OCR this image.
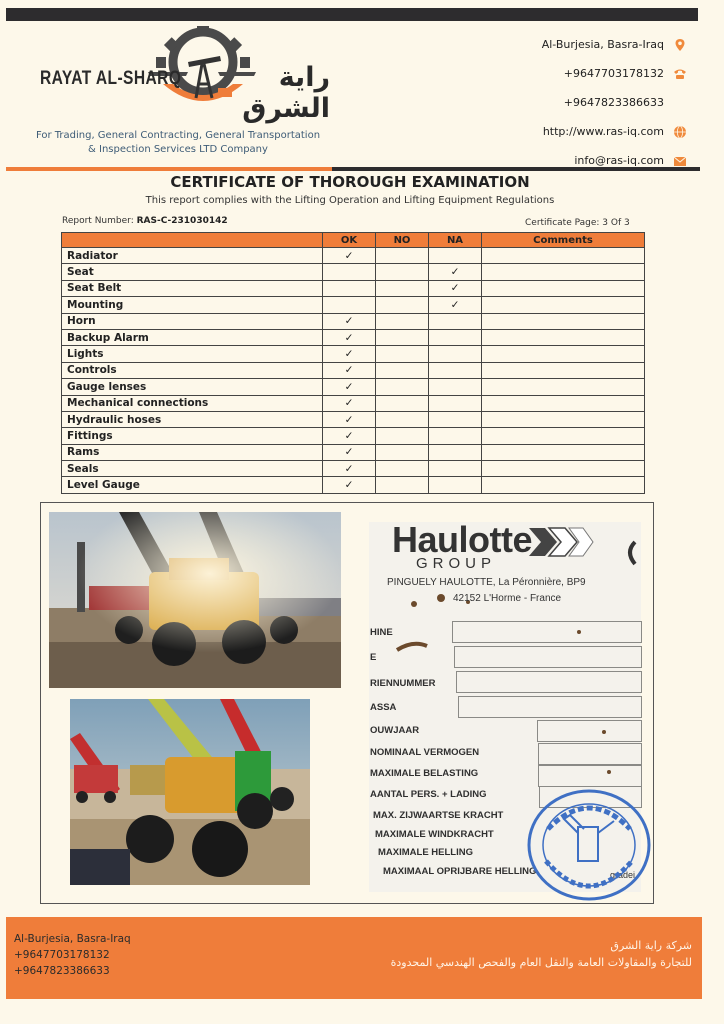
RAYAT AL-SHARQ	راية الشرق
For Trading, General Contracting, General Transportation
& Inspection Services LTD Company
Al-Burjesia, Basra-Iraq
+9647703178132
+9647823386633
http://www.ras-iq.com
info@ras-iq.com
CERTIFICATE OF THOROUGH EXAMINATION
This report complies with the Lifting Operation and Lifting Equipment Regulations
Report Number: RAS-C-231030142	Certificate Page: 3 Of 3
	OK	NO	NA	Comments
Radiator	✓			
Seat			✓	
Seat Belt			✓	
Mounting			✓	
Horn	✓			
Backup Alarm	✓			
Lights	✓			
Controls	✓			
Gauge lenses	✓			
Mechanical connections	✓			
Hydraulic hoses	✓			
Fittings	✓			
Rams	✓			
Seals	✓			
Level Gauge	✓			
Haulotte
GROUP
PINGUELY HAULOTTE, La Péronnière, BP9
42152 L'Horme - France
HINE
E
RIENNUMMER
ASSA
OUWJAAR
NOMINAAL VERMOGEN
MAXIMALE BELASTING
AANTAL PERS. + LADING
MAX. ZIJWAARTSE KRACHT
MAXIMALE WINDKRACHT
MAXIMALE HELLING
MAXIMAAL OPRIJBARE HELLING	gradei
Al-Burjesia, Basra-Iraq
+9647703178132
+9647823386633
شركة راية الشرق
للتجارة والمقاولات العامة والنقل العام والفحص الهندسي المحدودة
